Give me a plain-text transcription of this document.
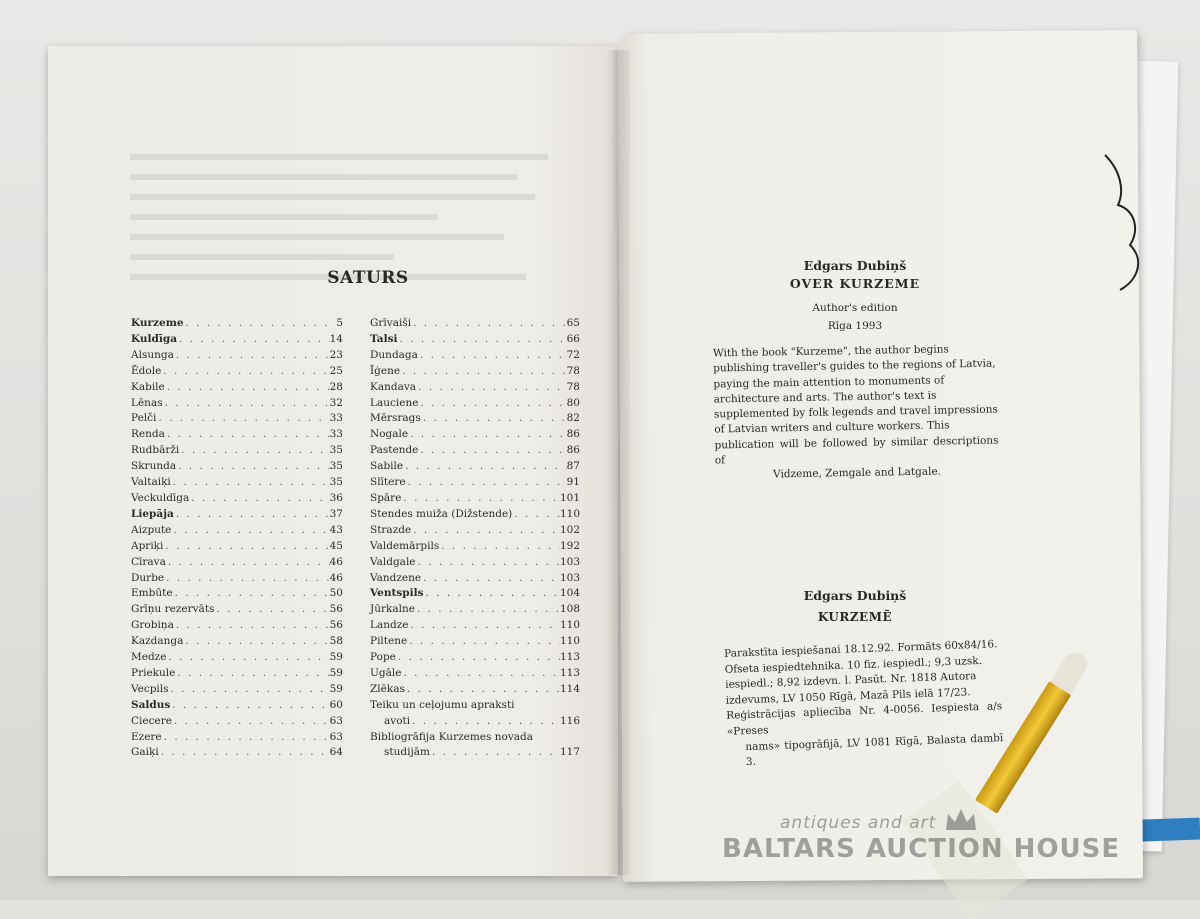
SATURS
Kurzeme . . .	5
Kuldīga . . .	14
Alsunga . . .	23
Ēdole . . .	25
Kabile . . .	28
Lēnas . . .	32
Pelči . . .	33
Renda . . .	33
Rudbārži . . .	35
Skrunda . . .	35
Valtaiķi . . .	35
Veckuldīga . . .	36
Liepāja . . .	37
Aizpute . . .	43
Apriķi . . .	45
Cīrava . . .	46
Durbe . . .	46
Embūte . . .	50
Grīņu rezervāts . . .	56
Grobiņa . . .	56
Kazdanga . . .	58
Medze . . .	59
Priekule . . .	59
Vecpils . . .	59
Saldus . . .	60
Ciecere . . .	63
Ezere . . .	63
Gaiķi . . .	64
Grīvaiši . . .	65
Talsi . . .	66
Dundaga . . .	72
Īģene . . .	78
Kandava . . .	78
Lauciene . . .	80
Mērsrags . . .	82
Nogale . . .	86
Pastende . . .	86
Sabile . . .	87
Slītere . . .	91
Spāre . . .	101
Stendes muiža (Dižstende) . . .	110
Strazde . . .	102
Valdemārpils . . .	192
Valdgale . . .	103
Vandzene . . .	103
Ventspils . . .	104
Jūrkalne . . .	108
Landze . . .	110
Piltene . . .	110
Pope . . .	113
Ugāle . . .	113
Zlēkas . . .	114
Teiku un ceļojumu apraksti
avoti . . .	116
Bibliogrāfija Kurzemes novada
studijām . . .	117
Edgars Dubiņš
OVER KURZEME
Author's edition
Rīga 1993
With the book "Kurzeme", the author begins
publishing traveller's guides to the regions of Latvia,
paying the main attention to monuments of
architecture and arts. The author's text is
supplemented by folk legends and travel impressions
of Latvian writers and culture workers. This
publication will be followed by similar descriptions of
Vidzeme, Zemgale and Latgale.
Edgars Dubiņš
KURZEMĒ
Parakstīta iespiešanai 18.12.92. Formāts 60x84/16.
Ofseta iespiedtehnika. 10 fiz. iespiedl.; 9,3 uzsk.
iespiedl.; 8,92 izdevn. l. Pasūt. Nr. 1818 Autora
izdevums, LV 1050 Rīgā, Mazā Pils ielā 17/23.
Reģistrācijas apliecība Nr. 4-0056. Iespiesta a/s «Preses
nams» tipogrāfijā, LV 1081 Rīgā, Balasta dambī 3.
antiques and art
BALTARS AUCTION HOUSE
